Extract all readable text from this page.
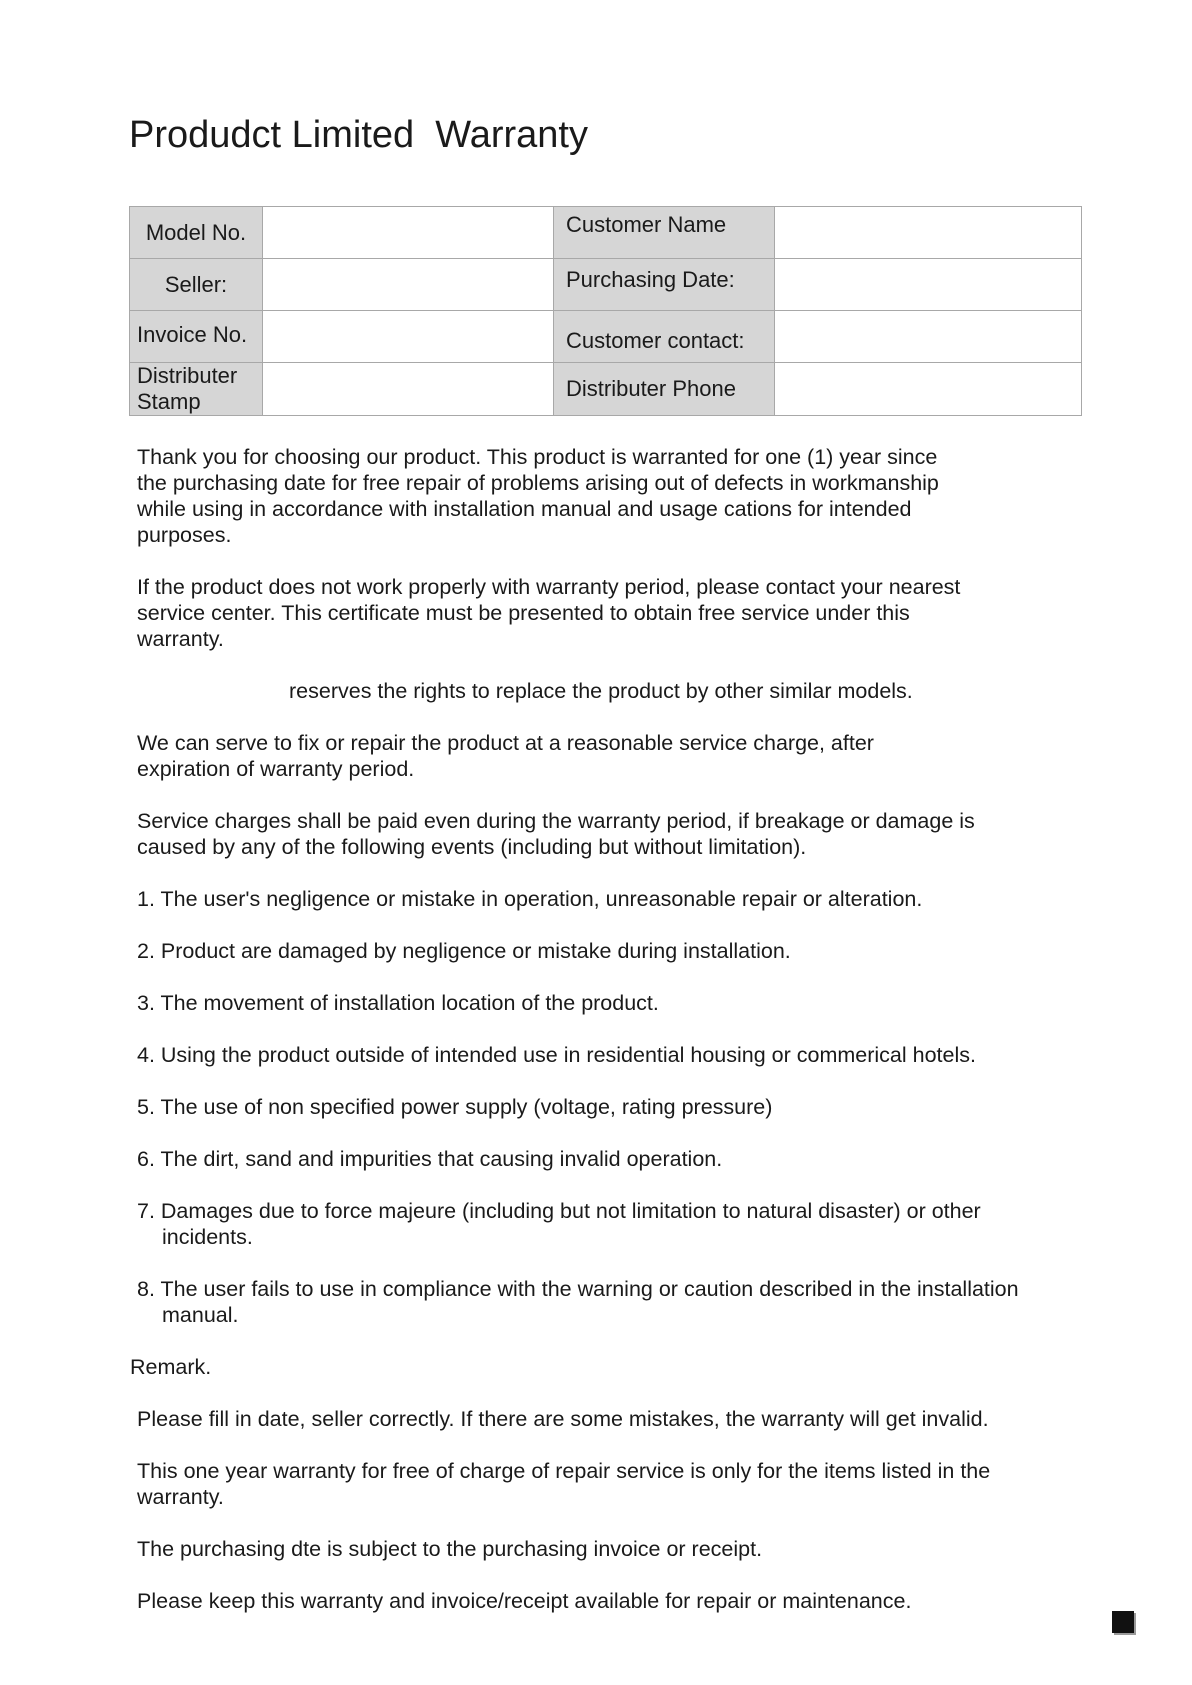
Produdct Limited  Warranty
Model No.		Customer Name	

Seller:		Purchasing Date:	

Invoice No.		Customer contact:	

Distributer Stamp		Distributer Phone	

Thank you for choosing our product. This product is warranted for one (1) year since the purchasing date for free repair of problems arising out of defects in workmanship while using in accordance with installation manual and usage cations for intended purposes.

If the product does not work properly with warranty period, please contact your nearest service center. This certificate must be presented to obtain free service under this warranty.

reserves the rights to replace the product by other similar models.

We can serve to fix or repair the product at a reasonable service charge, after expiration of warranty period.

Service charges shall be paid even during the warranty period, if breakage or damage is caused by any of the following events (including but without limitation).

1. The user's negligence or mistake in operation, unreasonable repair or alteration.
2. Product are damaged by negligence or mistake during installation.
3. The movement of installation location of the product.
4. Using the product outside of intended use in residential housing or commerical hotels.
5. The use of non specified power supply (voltage, rating pressure)
6. The dirt, sand and impurities that causing invalid operation.
7. Damages due to force majeure (including but not limitation to natural disaster) or other incidents.
8. The user fails to use in compliance with the warning or caution described in the installation manual.

Remark.

Please fill in date, seller correctly. If there are some mistakes, the warranty will get invalid.

This one year warranty for free of charge of repair service is only for the items listed in the warranty.

The purchasing dte is subject to the purchasing invoice or receipt.

Please keep this warranty and invoice/receipt available for repair or maintenance.
